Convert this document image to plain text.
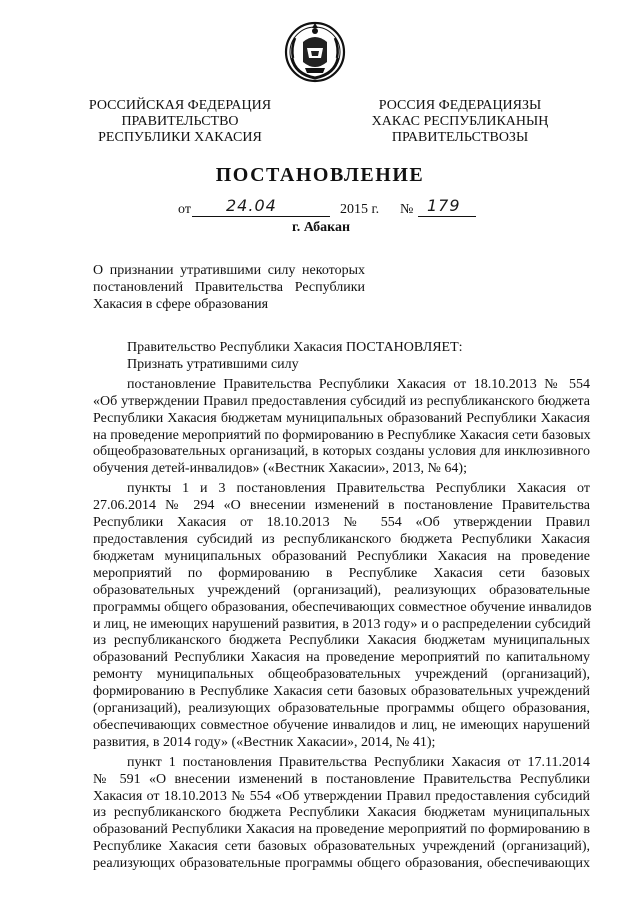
РОССИЙСКАЯ ФЕДЕРАЦИЯ
ПРАВИТЕЛЬСТВО
РЕСПУБЛИКИ ХАКАСИЯ
РОССИЯ ФЕДЕРАЦИЯЗЫ
ХАКАС РЕСПУБЛИКАНЫҢ
ПРАВИТЕЛЬСТВОЗЫ
ПОСТАНОВЛЕНИЕ
от 24.04	2015 г. № 179
г. Абакан
О признании утратившими силу некоторых
постановлений Правительства Республики
Хакасия в сфере образования
Правительство Республики Хакасия ПОСТАНОВЛЯЕТ:
Признать утратившими силу
постановление Правительства Республики Хакасия от 18.10.2013 № 554
«Об утверждении Правил предоставления субсидий из республиканского бюджета
Республики Хакасия бюджетам муниципальных образований Республики Хакасия
на проведение мероприятий по формированию в Республике Хакасия сети базовых
общеобразовательных организаций, в которых созданы условия для инклюзивного
обучения детей-инвалидов» («Вестник Хакасии», 2013, № 64);
пункты 1 и 3 постановления Правительства Республики Хакасия от
27.06.2014 № 294 «О внесении изменений в постановление Правительства
Республики Хакасия от 18.10.2013 № 554 «Об утверждении Правил
предоставления субсидий из республиканского бюджета Республики Хакасия
бюджетам муниципальных образований Республики Хакасия на проведение
мероприятий по формированию в Республике Хакасия сети базовых
образовательных учреждений (организаций), реализующих образовательные
программы общего образования, обеспечивающих совместное обучение инвалидов
и лиц, не имеющих нарушений развития, в 2013 году» и о распределении субсидий
из республиканского бюджета Республики Хакасия бюджетам муниципальных
образований Республики Хакасия на проведение мероприятий по капитальному
ремонту муниципальных общеобразовательных учреждений (организаций),
формированию в Республике Хакасия сети базовых образовательных учреждений
(организаций), реализующих образовательные программы общего образования,
обеспечивающих совместное обучение инвалидов и лиц, не имеющих нарушений
развития, в 2014 году» («Вестник Хакасии», 2014, № 41);
пункт 1 постановления Правительства Республики Хакасия от 17.11.2014
№ 591 «О внесении изменений в постановление Правительства Республики
Хакасия от 18.10.2013 № 554 «Об утверждении Правил предоставления субсидий
из республиканского бюджета Республики Хакасия бюджетам муниципальных
образований Республики Хакасия на проведение мероприятий по формированию в
Республике Хакасия сети базовых образовательных учреждений (организаций),
реализующих образовательные программы общего образования, обеспечивающих
